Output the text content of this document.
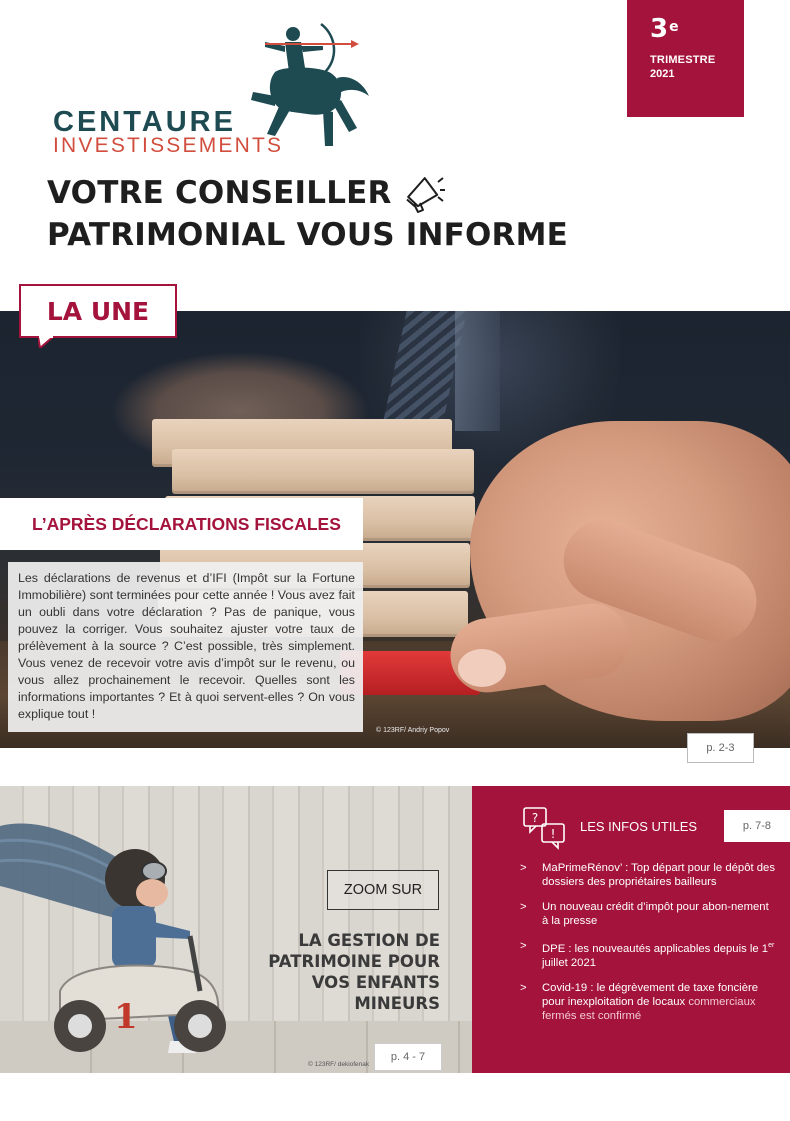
3e
TRIMESTRE
2021
CENTAURE
INVESTISSEMENTS
VOTRE CONSEILLER
PATRIMONIAL VOUS INFORME
LA UNE
L’APRÈS DÉCLARATIONS FISCALES
Les déclarations de revenus et d’IFI (Impôt sur la Fortune Immobilière) sont terminées pour cette année ! Vous avez fait un oubli dans votre déclaration ? Pas de panique, vous pouvez la corriger. Vous souhaitez ajuster votre taux de prélèvement à la source ? C’est possible, très simplement. Vous venez de recevoir votre avis d’impôt sur le revenu, ou vous allez prochainement le recevoir. Quelles sont les informations importantes ? Et à quoi servent-elles ? On vous explique tout !
© 123RF/ Andriy Popov
p. 2-3
1
ZOOM SUR
LA GESTION DE PATRIMOINE POUR VOS ENFANTS MINEURS
© 123RF/ dekiofenak
p. 4 - 7
?
! LES INFOS UTILES
> MaPrimeRénov’ : Top départ pour le dépôt des dossiers des propriétaires bailleurs
> Un nouveau crédit d’impôt pour abon-nement à la presse
> DPE : les nouveautés applicables depuis le 1er juillet 2021
> Covid-19 : le dégrèvement de taxe foncière pour inexploitation de locaux commerciaux fermés est confirmé
p. 7-8
